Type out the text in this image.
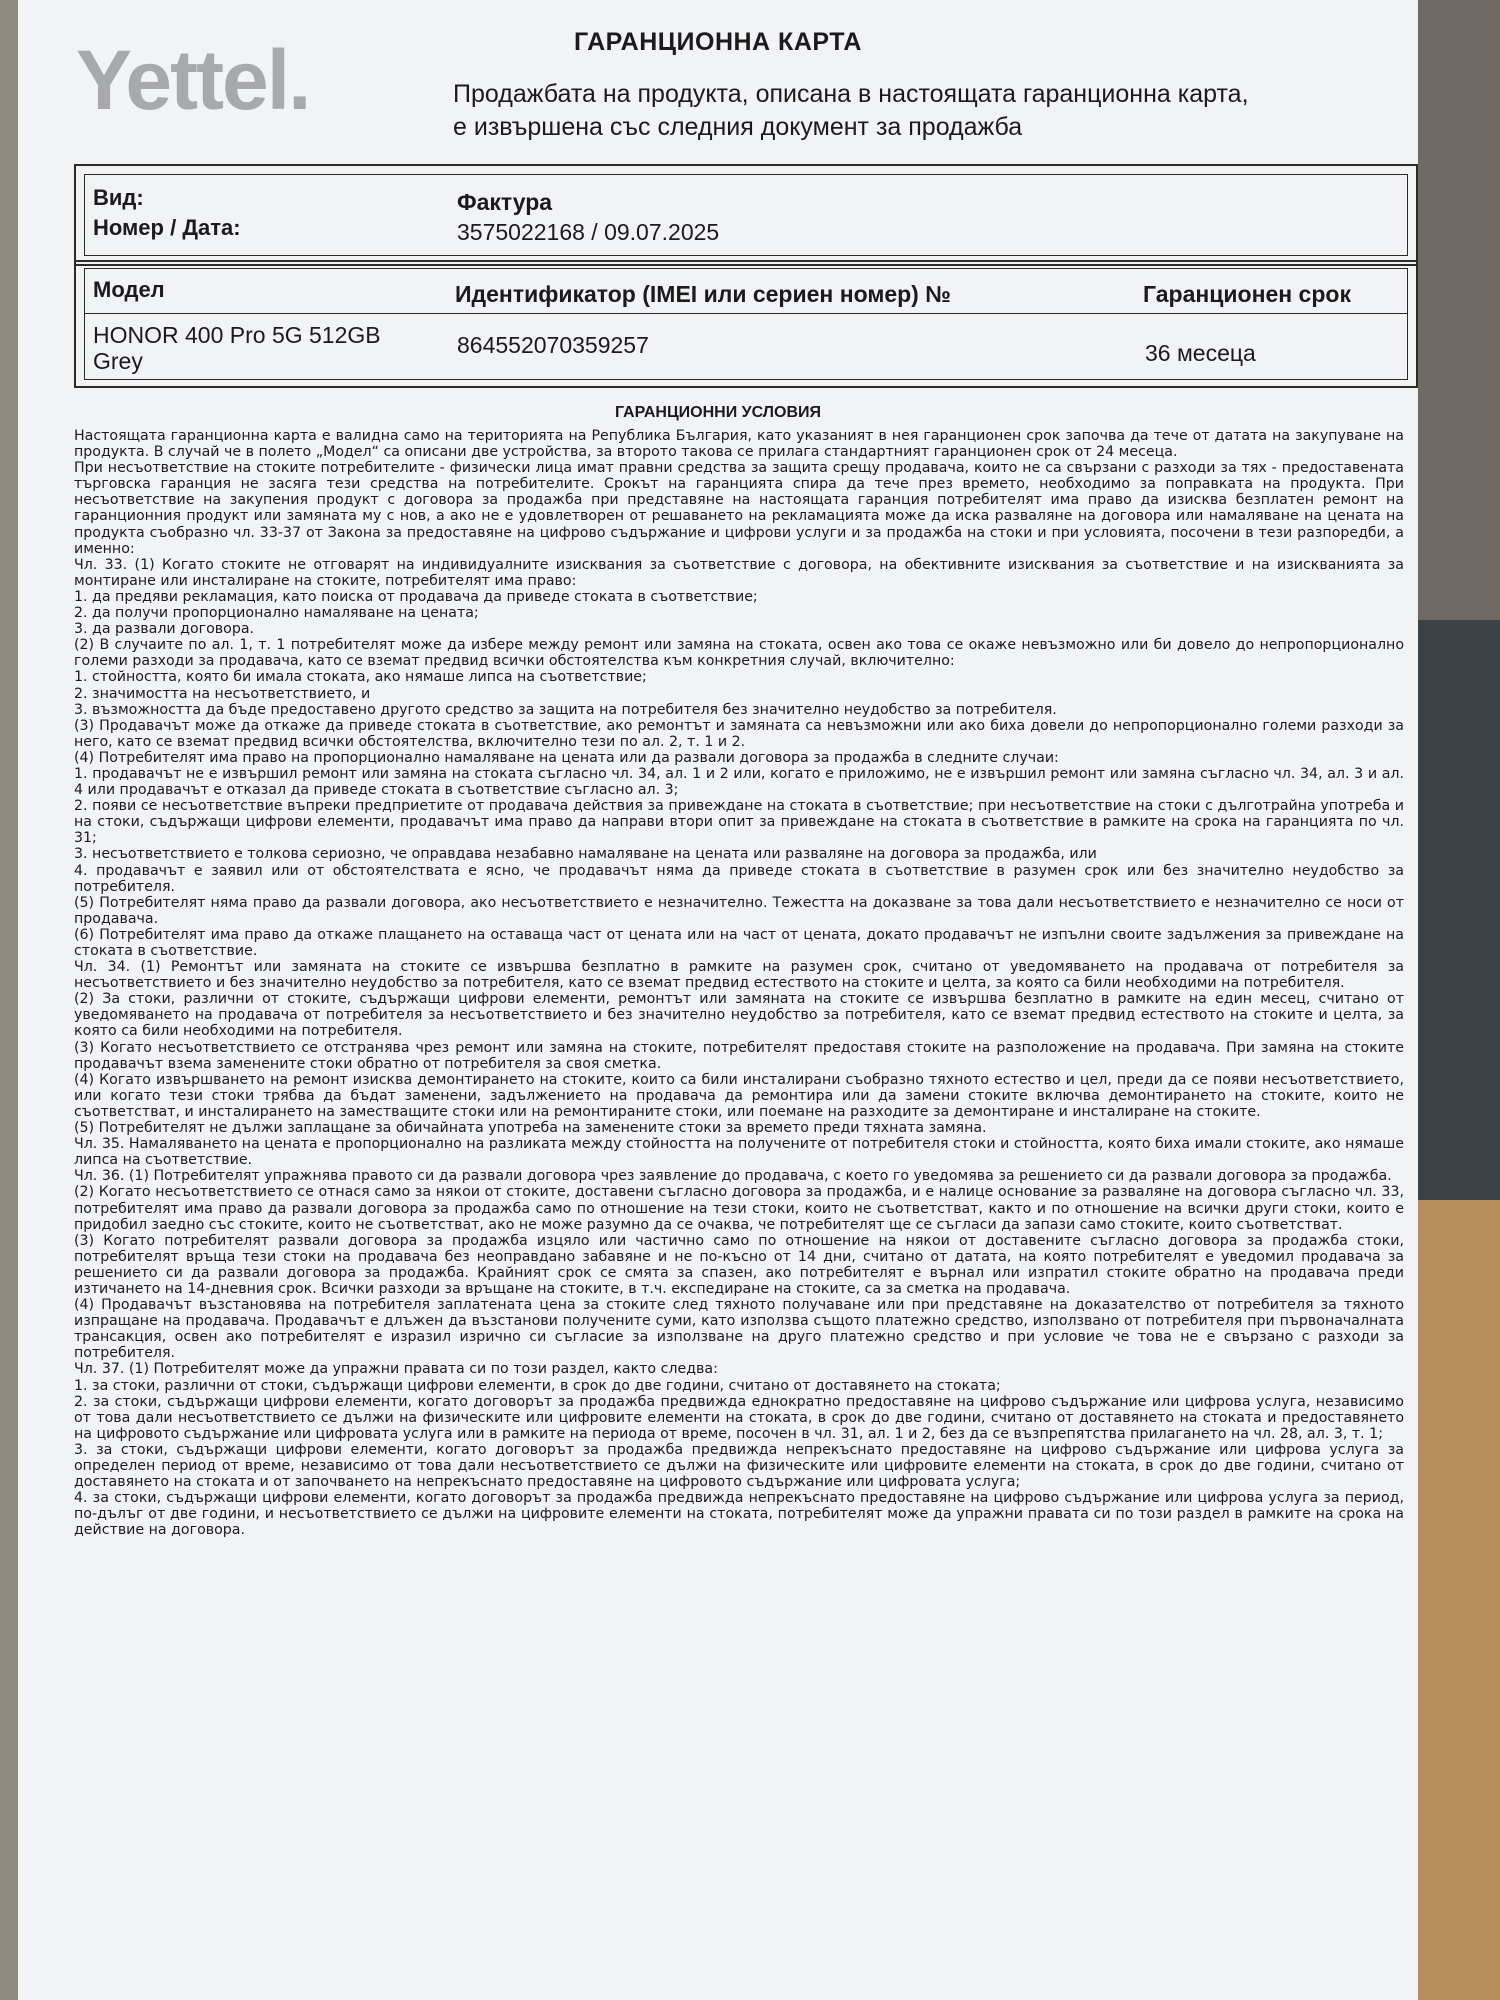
ГАРАНЦИОННА КАРТА
Yettel.	Продажбата на продукта, описана в настоящата гаранционна карта,
е извършена със следния документ за продажба
Вид:	Фактура
Номер / Дата:	3575022168 / 09.07.2025
Модел	Идентификатор (IMEI или сериен номер) №	Гаранционен срок
HONOR 400 Pro 5G 512GB
Grey
864552070359257	36 месеца
ГАРАНЦИОННИ УСЛОВИЯ

Настоящата гаранционна карта е валидна само на територията на Република България, като указаният в нея гаранционен срок започва да тече от датата на закупуване на продукта. В случай че в полето „Модел“ са описани две устройства, за второто такова се прилага стандартният гаранционен срок от 24 месеца.

При несъответствие на стоките потребителите - физически лица имат правни средства за защита срещу продавача, които не са свързани с разходи за тях - предоставената търговска гаранция не засяга тези средства на потребителите. Срокът на гаранцията спира да тече през времето, необходимо за поправката на продукта. При несъответствие на закупения продукт с договора за продажба при представяне на настоящата гаранция потребителят има право да изисква безплатен ремонт на гаранционния продукт или замяната му с нов, а ако не е удовлетворен от решаването на рекламацията може да иска разваляне на договора или намаляване на цената на продукта съобразно чл. 33-37 от Закона за предоставяне на цифрово съдържание и цифрови услуги и за продажба на стоки и при условията, посочени в тези разпоредби, а именно:

Чл. 33. (1) Когато стоките не отговарят на индивидуалните изисквания за съответствие с договора, на обективните изисквания за съответствие и на изискванията за монтиране или инсталиране на стоките, потребителят има право:

1. да предяви рекламация, като поиска от продавача да приведе стоката в съответствие;

2. да получи пропорционално намаляване на цената;

3. да развали договора.

(2) В случаите по ал. 1, т. 1 потребителят може да избере между ремонт или замяна на стоката, освен ако това се окаже невъзможно или би довело до непропорционално големи разходи за продавача, като се вземат предвид всички обстоятелства към конкретния случай, включително:

1. стойността, която би имала стоката, ако нямаше липса на съответствие;

2. значимостта на несъответствието, и

3. възможността да бъде предоставено другото средство за защита на потребителя без значително неудобство за потребителя.

(3) Продавачът може да откаже да приведе стоката в съответствие, ако ремонтът и замяната са невъзможни или ако биха довели до непропорционално големи разходи за него, като се вземат предвид всички обстоятелства, включително тези по ал. 2, т. 1 и 2.

(4) Потребителят има право на пропорционално намаляване на цената или да развали договора за продажба в следните случаи:

1. продавачът не е извършил ремонт или замяна на стоката съгласно чл. 34, ал. 1 и 2 или, когато е приложимо, не е извършил ремонт или замяна съгласно чл. 34, ал. 3 и ал. 4 или продавачът е отказал да приведе стоката в съответствие съгласно ал. 3;

2. появи се несъответствие въпреки предприетите от продавача действия за привеждане на стоката в съответствие; при несъответствие на стоки с дълготрайна употреба и на стоки, съдържащи цифрови елементи, продавачът има право да направи втори опит за привеждане на стоката в съответствие в рамките на срока на гаранцията по чл. 31;

3. несъответствието е толкова сериозно, че оправдава незабавно намаляване на цената или разваляне на договора за продажба, или

4. продавачът е заявил или от обстоятелствата е ясно, че продавачът няма да приведе стоката в съответствие в разумен срок или без значително неудобство за потребителя.

(5) Потребителят няма право да развали договора, ако несъответствието е незначително. Тежестта на доказване за това дали несъответствието е незначително се носи от продавача.

(6) Потребителят има право да откаже плащането на оставаща част от цената или на част от цената, докато продавачът не изпълни своите задължения за привеждане на стоката в съответствие.

Чл. 34. (1) Ремонтът или замяната на стоките се извършва безплатно в рамките на разумен срок, считано от уведомяването на продавача от потребителя за несъответствието и без значително неудобство за потребителя, като се вземат предвид естеството на стоките и целта, за която са били необходими на потребителя.

(2) За стоки, различни от стоките, съдържащи цифрови елементи, ремонтът или замяната на стоките се извършва безплатно в рамките на един месец, считано от уведомяването на продавача от потребителя за несъответствието и без значително неудобство за потребителя, като се вземат предвид естеството на стоките и целта, за която са били необходими на потребителя.

(3) Когато несъответствието се отстранява чрез ремонт или замяна на стоките, потребителят предоставя стоките на разположение на продавача. При замяна на стоките продавачът взема заменените стоки обратно от потребителя за своя сметка.

(4) Когато извършването на ремонт изисква демонтирането на стоките, които са били инсталирани съобразно тяхното естество и цел, преди да се появи несъответствието, или когато тези стоки трябва да бъдат заменени, задължението на продавача да ремонтира или да замени стоките включва демонтирането на стоките, които не съответстват, и инсталирането на заместващите стоки или на ремонтираните стоки, или поемане на разходите за демонтиране и инсталиране на стоките.

(5) Потребителят не дължи заплащане за обичайната употреба на заменените стоки за времето преди тяхната замяна.

Чл. 35. Намаляването на цената е пропорционално на разликата между стойността на получените от потребителя стоки и стойността, която биха имали стоките, ако нямаше липса на съответствие.

Чл. 36. (1) Потребителят упражнява правото си да развали договора чрез заявление до продавача, с което го уведомява за решението си да развали договора за продажба.

(2) Когато несъответствието се отнася само за някои от стоките, доставени съгласно договора за продажба, и е налице основание за разваляне на договора съгласно чл. 33, потребителят има право да развали договора за продажба само по отношение на тези стоки, които не съответстват, както и по отношение на всички други стоки, които е придобил заедно със стоките, които не съответстват, ако не може разумно да се очаква, че потребителят ще се съгласи да запази само стоките, които съответстват.

(3) Когато потребителят развали договора за продажба изцяло или частично само по отношение на някои от доставените съгласно договора за продажба стоки, потребителят връща тези стоки на продавача без неоправдано забавяне и не по-късно от 14 дни, считано от датата, на която потребителят е уведомил продавача за решението си да развали договора за продажба. Крайният срок се смята за спазен, ако потребителят е върнал или изпратил стоките обратно на продавача преди изтичането на 14-дневния срок. Всички разходи за връщане на стоките, в т.ч. експедиране на стоките, са за сметка на продавача.

(4) Продавачът възстановява на потребителя заплатената цена за стоките след тяхното получаване или при представяне на доказателство от потребителя за тяхното изпращане на продавача. Продавачът е длъжен да възстанови получените суми, като използва същото платежно средство, използвано от потребителя при първоначалната трансакция, освен ако потребителят е изразил изрично си съгласие за използване на друго платежно средство и при условие че това не е свързано с разходи за потребителя.

Чл. 37. (1) Потребителят може да упражни правата си по този раздел, както следва:

1. за стоки, различни от стоки, съдържащи цифрови елементи, в срок до две години, считано от доставянето на стоката;

2. за стоки, съдържащи цифрови елементи, когато договорът за продажба предвижда еднократно предоставяне на цифрово съдържание или цифрова услуга, независимо от това дали несъответствието се дължи на физическите или цифровите елементи на стоката, в срок до две години, считано от доставянето на стоката и предоставянето на цифровото съдържание или цифровата услуга или в рамките на периода от време, посочен в чл. 31, ал. 1 и 2, без да се възпрепятства прилагането на чл. 28, ал. 3, т. 1;

3. за стоки, съдържащи цифрови елементи, когато договорът за продажба предвижда непрекъснато предоставяне на цифрово съдържание или цифрова услуга за определен период от време, независимо от това дали несъответствието се дължи на физическите или цифровите елементи на стоката, в срок до две години, считано от доставянето на стоката и от започването на непрекъснато предоставяне на цифровото съдържание или цифровата услуга;

4. за стоки, съдържащи цифрови елементи, когато договорът за продажба предвижда непрекъснато предоставяне на цифрово съдържание или цифрова услуга за период, по-дълъг от две години, и несъответствието се дължи на цифровите елементи на стоката, потребителят може да упражни правата си по този раздел в рамките на срока на действие на договора.
